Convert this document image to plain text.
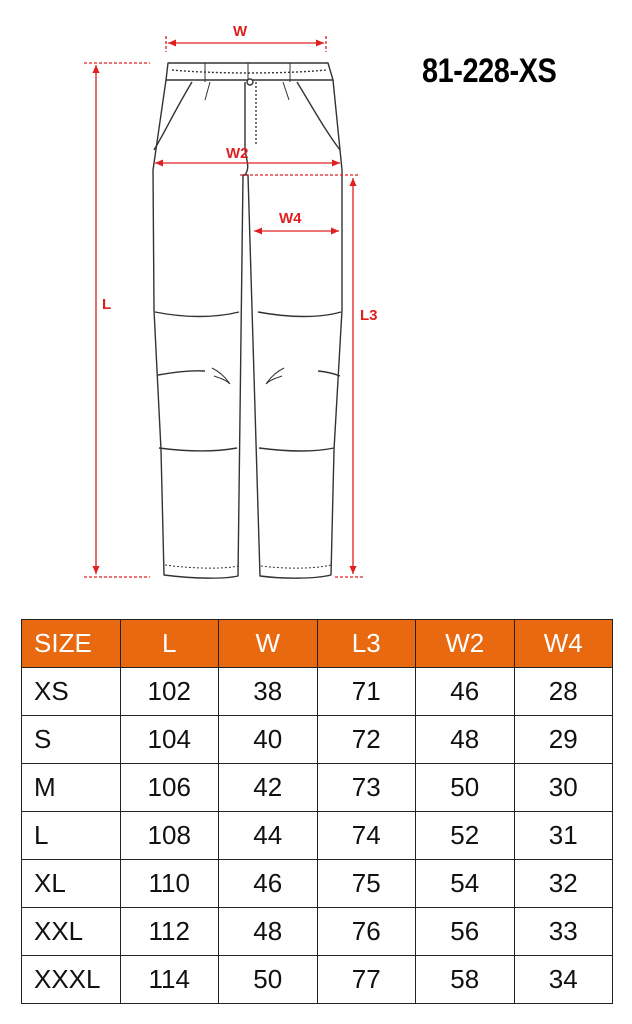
81-228-XS
W
W2
W4
L
L3
SIZE	L	W	L3	W2	W4
XS	102	38	71	46	28
S	104	40	72	48	29
M	106	42	73	50	30
L	108	44	74	52	31
XL	110	46	75	54	32
XXL	112	48	76	56	33
XXXL	114	50	77	58	34
